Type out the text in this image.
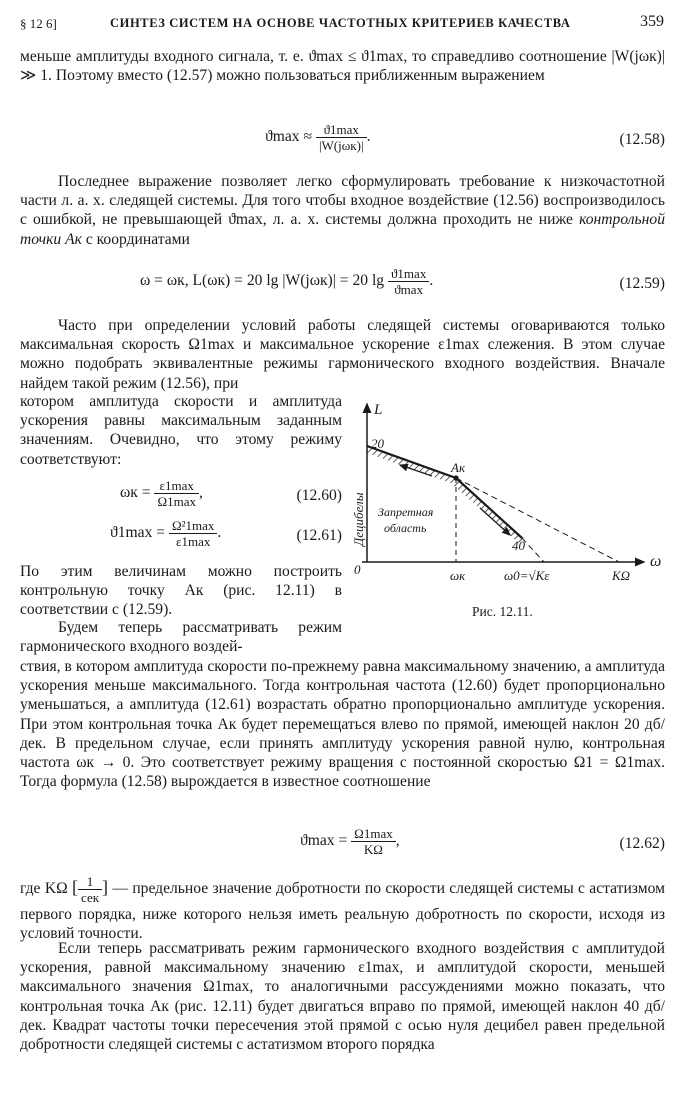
§ 12 6]	СИНТЕЗ СИСТЕМ НА ОСНОВЕ ЧАСТОТНЫХ КРИТЕРИЕВ КАЧЕСТВА	359
меньше амплитуды входного сигнала, т. е. ϑmax ≤ ϑ1max, то справедливо соотношение |W(jωк)| ≫ 1. Поэтому вместо (12.57) можно пользоваться приближенным выражением
$ϑ\max \approx \frac{ϑ1\max}{\text{|W(jωк)|}}$ .	(12.58)
Последнее выражение позволяет легко сформулировать требование к низкочастотной части л. а. х. следящей системы. Для того чтобы входное воздействие (12.56) воспроизводилось с ошибкой, не превышающей ϑmax, л. а. х. системы должна проходить не ниже контрольной точки Aк с координатами
ω = ωк, L(ωк) = 20 lg |W(jωк)| = 20 $\lg \frac{ϑ1\max}{ϑ\max}$ .	(12.59)
Часто при определении условий работы следящей системы оговариваются только максимальная скорость Ω1max и максимальное ускорение ε1max слежения. В этом случае можно подобрать эквивалентные режимы гармонического входного воздействия. Вначале найдем такой режим (12.56), при
котором амплитуда скорости и амплитуда ускорения равны максимальным заданным значениям. Очевидно, что этому режиму соответствуют:
$\omega к = \frac{\varepsilon 1\max}{\Omega 1\max}$ ,	(12.60)
$ϑ1\max = \frac{\text{Ω²1max}}{\varepsilon 1\max}$ .	(12.61)
По этим величинам можно построить контрольную точку Aк (рис. 12.11) в соответствии с (12.59).
Будем теперь рассматривать режим гармонического входного воздей-
ствия, в котором амплитуда скорости по-прежнему равна максимальному значению, а амплитуда ускорения меньше максимального. Тогда контрольная частота (12.60) будет пропорционально уменьшаться, а амплитуда (12.61) возрастать обратно пропорционально амплитуде ускорения. При этом контрольная точка Aк будет перемещаться влево по прямой, имеющей наклон 20 дб/дек. В предельном случае, если принять амплитуду ускорения равной нулю, контрольная частота ωк → 0. Это соответствует режиму вращения с постоянной скоростью Ω1 = Ω1max. Тогда формула (12.58) вырождается в известное соотношение
$ϑ\max = \frac{\Omega 1\max}{K\Omega}$ ,	(12.62)
где KΩ [ $\frac{1}{\text{сек}}$ ] — предельное значение добротности по скорости следящей системы с астатизмом первого порядка, ниже которого нельзя иметь реальную добротность по скорости, исходя из условий точности.
Если теперь рассматривать режим гармонического входного воздействия с амплитудой ускорения, равной максимальному значению ε1max, и амплитудой скорости, меньшей максимального значения Ω1max, то аналогичными рассуждениями можно показать, что контрольная точка Aк (рис. 12.11) будет двигаться вправо по прямой, имеющей наклон 40 дб/дек. Квадрат частоты точки пересечения этой прямой с осью нуля децибел равен предельной добротности следящей системы с астатизмом второго порядка
L
ω
0
20
40
Aк
Запретная
область
ωк	ω0=√Kε	KΩ
Децибелы
Рис. 12.11.
